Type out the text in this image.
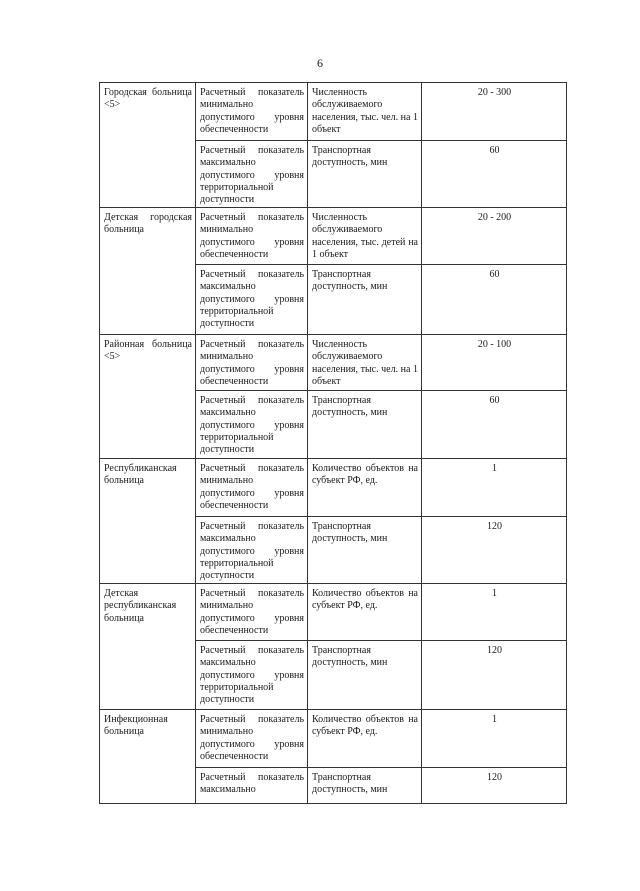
6
Городская больница <5>	Расчетный показатель минимально допустимого уровня обеспеченности	Численность обслуживаемого населения, тыс. чел. на 1 объект	20 - 300
	Расчетный показатель максимально допустимого уровня территориальной доступности	Транспортная доступность, мин	60

Детская городская больница	Расчетный показатель минимально допустимого уровня обеспеченности	Численность обслуживаемого населения, тыс. детей на 1 объект	20 - 200
	Расчетный показатель максимально допустимого уровня территориальной доступности	Транспортная доступность, мин	60

Районная больница <5>	Расчетный показатель минимально допустимого уровня обеспеченности	Численность обслуживаемого населения, тыс. чел. на 1 объект	20 - 100
	Расчетный показатель максимально допустимого уровня территориальной доступности	Транспортная доступность, мин	60

Республиканская больница	Расчетный показатель минимально допустимого уровня обеспеченности	Количество объектов на субъект РФ, ед.	1
	Расчетный показатель максимально допустимого уровня территориальной доступности	Транспортная доступность, мин	120

Детская республиканская больница	Расчетный показатель минимально допустимого уровня обеспеченности	Количество объектов на субъект РФ, ед.	1
	Расчетный показатель максимально допустимого уровня территориальной доступности	Транспортная доступность, мин	120

Инфекционная больница	Расчетный показатель минимально допустимого уровня обеспеченности	Количество объектов на субъект РФ, ед.	1
	Расчетный показатель максимально	Транспортная доступность, мин	120
